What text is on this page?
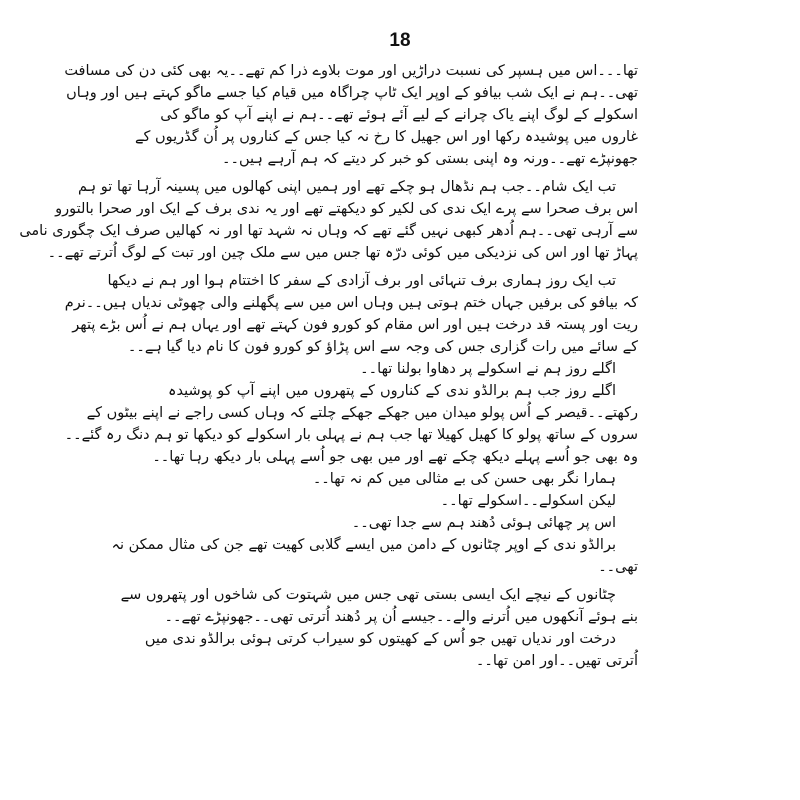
18
تھا۔۔۔اس میں ہسپر کی نسبت دراڑیں اور موت بلاوے ذرا کم تھے۔۔یہ بھی کئی دن کی مسافت
تھی۔۔ہم نے ایک شب بیافو کے اوپر ایک ٹاپ چراگاہ میں قیام کیا جسے ماگو کہتے ہیں اور وہاں
اسکولے کے لوگ اپنے یاک چرانے کے لیے آئے ہوئے تھے۔۔ہم نے اپنے آپ کو ماگو کی
غاروں میں پوشیدہ رکھا اور اس جھیل کا رخ نہ کیا جس کے کناروں پر اُن گڈریوں کے
جھونپڑے تھے۔۔ورنہ وہ اپنی بستی کو خبر کر دیتے کہ ہم آرہے ہیں۔۔
تب ایک شام۔۔جب ہم نڈھال ہو چکے تھے اور ہمیں اپنی کھالوں میں پسینہ آرہا تھا تو ہم
اس برف صحرا سے پرے ایک ندی کی لکیر کو دیکھتے تھے اور یہ ندی برف کے ایک اور صحرا بالتورو
سے آرہی تھی۔۔ہم اُدھر کبھی نہیں گئے تھے کہ وہاں نہ شہد تھا اور نہ کھالیں صرف ایک چگوری نامی
پہاڑ تھا اور اس کی نزدیکی میں کوئی درّہ تھا جس میں سے ملک چین اور تبت کے لوگ اُترتے تھے۔۔
تب ایک روز ہماری برف تنہائی اور برف آزادی کے سفر کا اختتام ہوا اور ہم نے دیکھا
کہ بیافو کی برفیں جہاں ختم ہوتی ہیں وہاں اس میں سے پگھلنے والی چھوٹی ندیاں ہیں۔۔نرم
ریت اور پستہ قد درخت ہیں اور اس مقام کو کورو فون کہتے تھے اور یہاں ہم نے اُس بڑے پتھر
کے سائے میں رات گزاری جس کی وجہ سے اس پڑاؤ کو کورو فون کا نام دیا گیا ہے۔۔
اگلے روز ہم نے اسکولے پر دھاوا بولنا تھا۔۔
اگلے روز جب ہم برالڈو ندی کے کناروں کے پتھروں میں اپنے آپ کو پوشیدہ
رکھتے۔۔قیصر کے اُس پولو میدان میں جھکے جھکے چلتے کہ وہاں کسی راجے نے اپنے بیٹوں کے
سروں کے ساتھ پولو کا کھیل کھیلا تھا جب ہم نے پہلی بار اسکولے کو دیکھا تو ہم دنگ رہ گئے۔۔
وہ بھی جو اُسے پہلے دیکھ چکے تھے اور میں بھی جو اُسے پہلی بار دیکھ رہا تھا۔۔
ہمارا نگر بھی حسن کی بے مثالی میں کم نہ تھا۔۔
لیکن اسکولے۔۔اسکولے تھا۔۔
اس پر چھائی ہوئی دُھند ہم سے جدا تھی۔۔
برالڈو ندی کے اوپر چٹانوں کے دامن میں ایسے گلابی کھیت تھے جن کی مثال ممکن نہ
تھی۔۔
چٹانوں کے نیچے ایک ایسی بستی تھی جس میں شہتوت کی شاخوں اور پتھروں سے
بنے ہوئے آنکھوں میں اُترنے والے۔۔جیسے اُن پر دُھند اُترتی تھی۔۔جھونپڑے تھے۔۔
درخت اور ندیاں تھیں جو اُس کے کھیتوں کو سیراب کرتی ہوئی برالڈو ندی میں
اُترتی تھیں۔۔اور امن تھا۔۔
